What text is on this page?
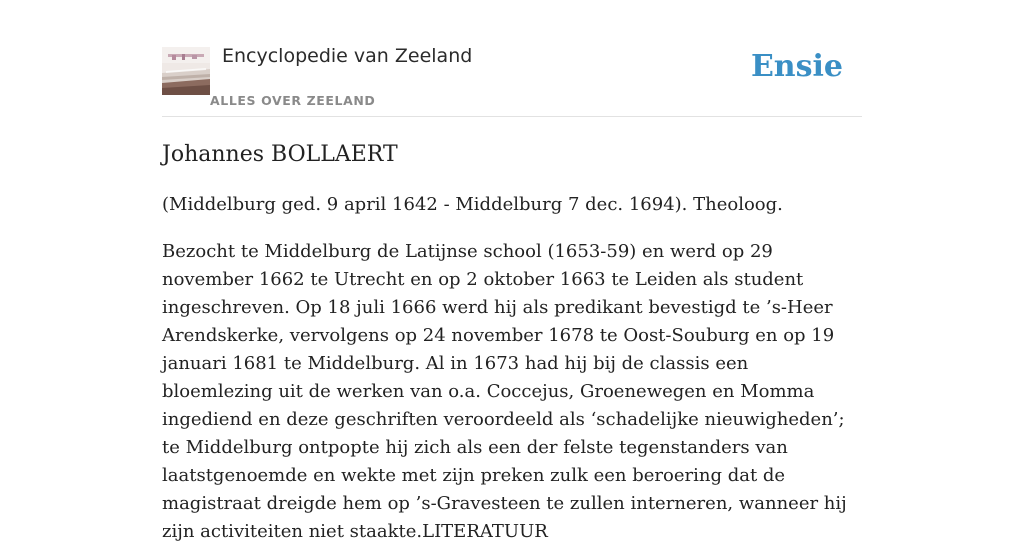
Encyclopedie van Zeeland
ALLES OVER ZEELAND
Ensie
Johannes BOLLAERT

(Middelburg ged. 9 april 1642 - Middelburg 7 dec. 1694). Theoloog.

Bezocht te Middelburg de Latijnse school (1653-59) en werd op 29 november 1662 te Utrecht en op 2 oktober 1663 te Leiden als student ingeschreven. Op 18 juli 1666 werd hij als predikant bevestigd te ’s-Heer Arendskerke, vervolgens op 24 november 1678 te Oost-Souburg en op 19 januari 1681 te Middelburg. Al in 1673 had hij bij de classis een bloemlezing uit de werken van o.a. Coccejus, Groenewegen en Momma ingediend en deze geschriften veroordeeld als ‘schadelijke nieuwigheden’; te Middelburg ontpopte hij zich als een der felste tegenstanders van laatstgenoemde en wekte met zijn preken zulk een beroering dat de magistraat dreigde hem op ’s-Gravesteen te zullen interneren, wanneer hij zijn activiteiten niet staakte.LITERATUUR
